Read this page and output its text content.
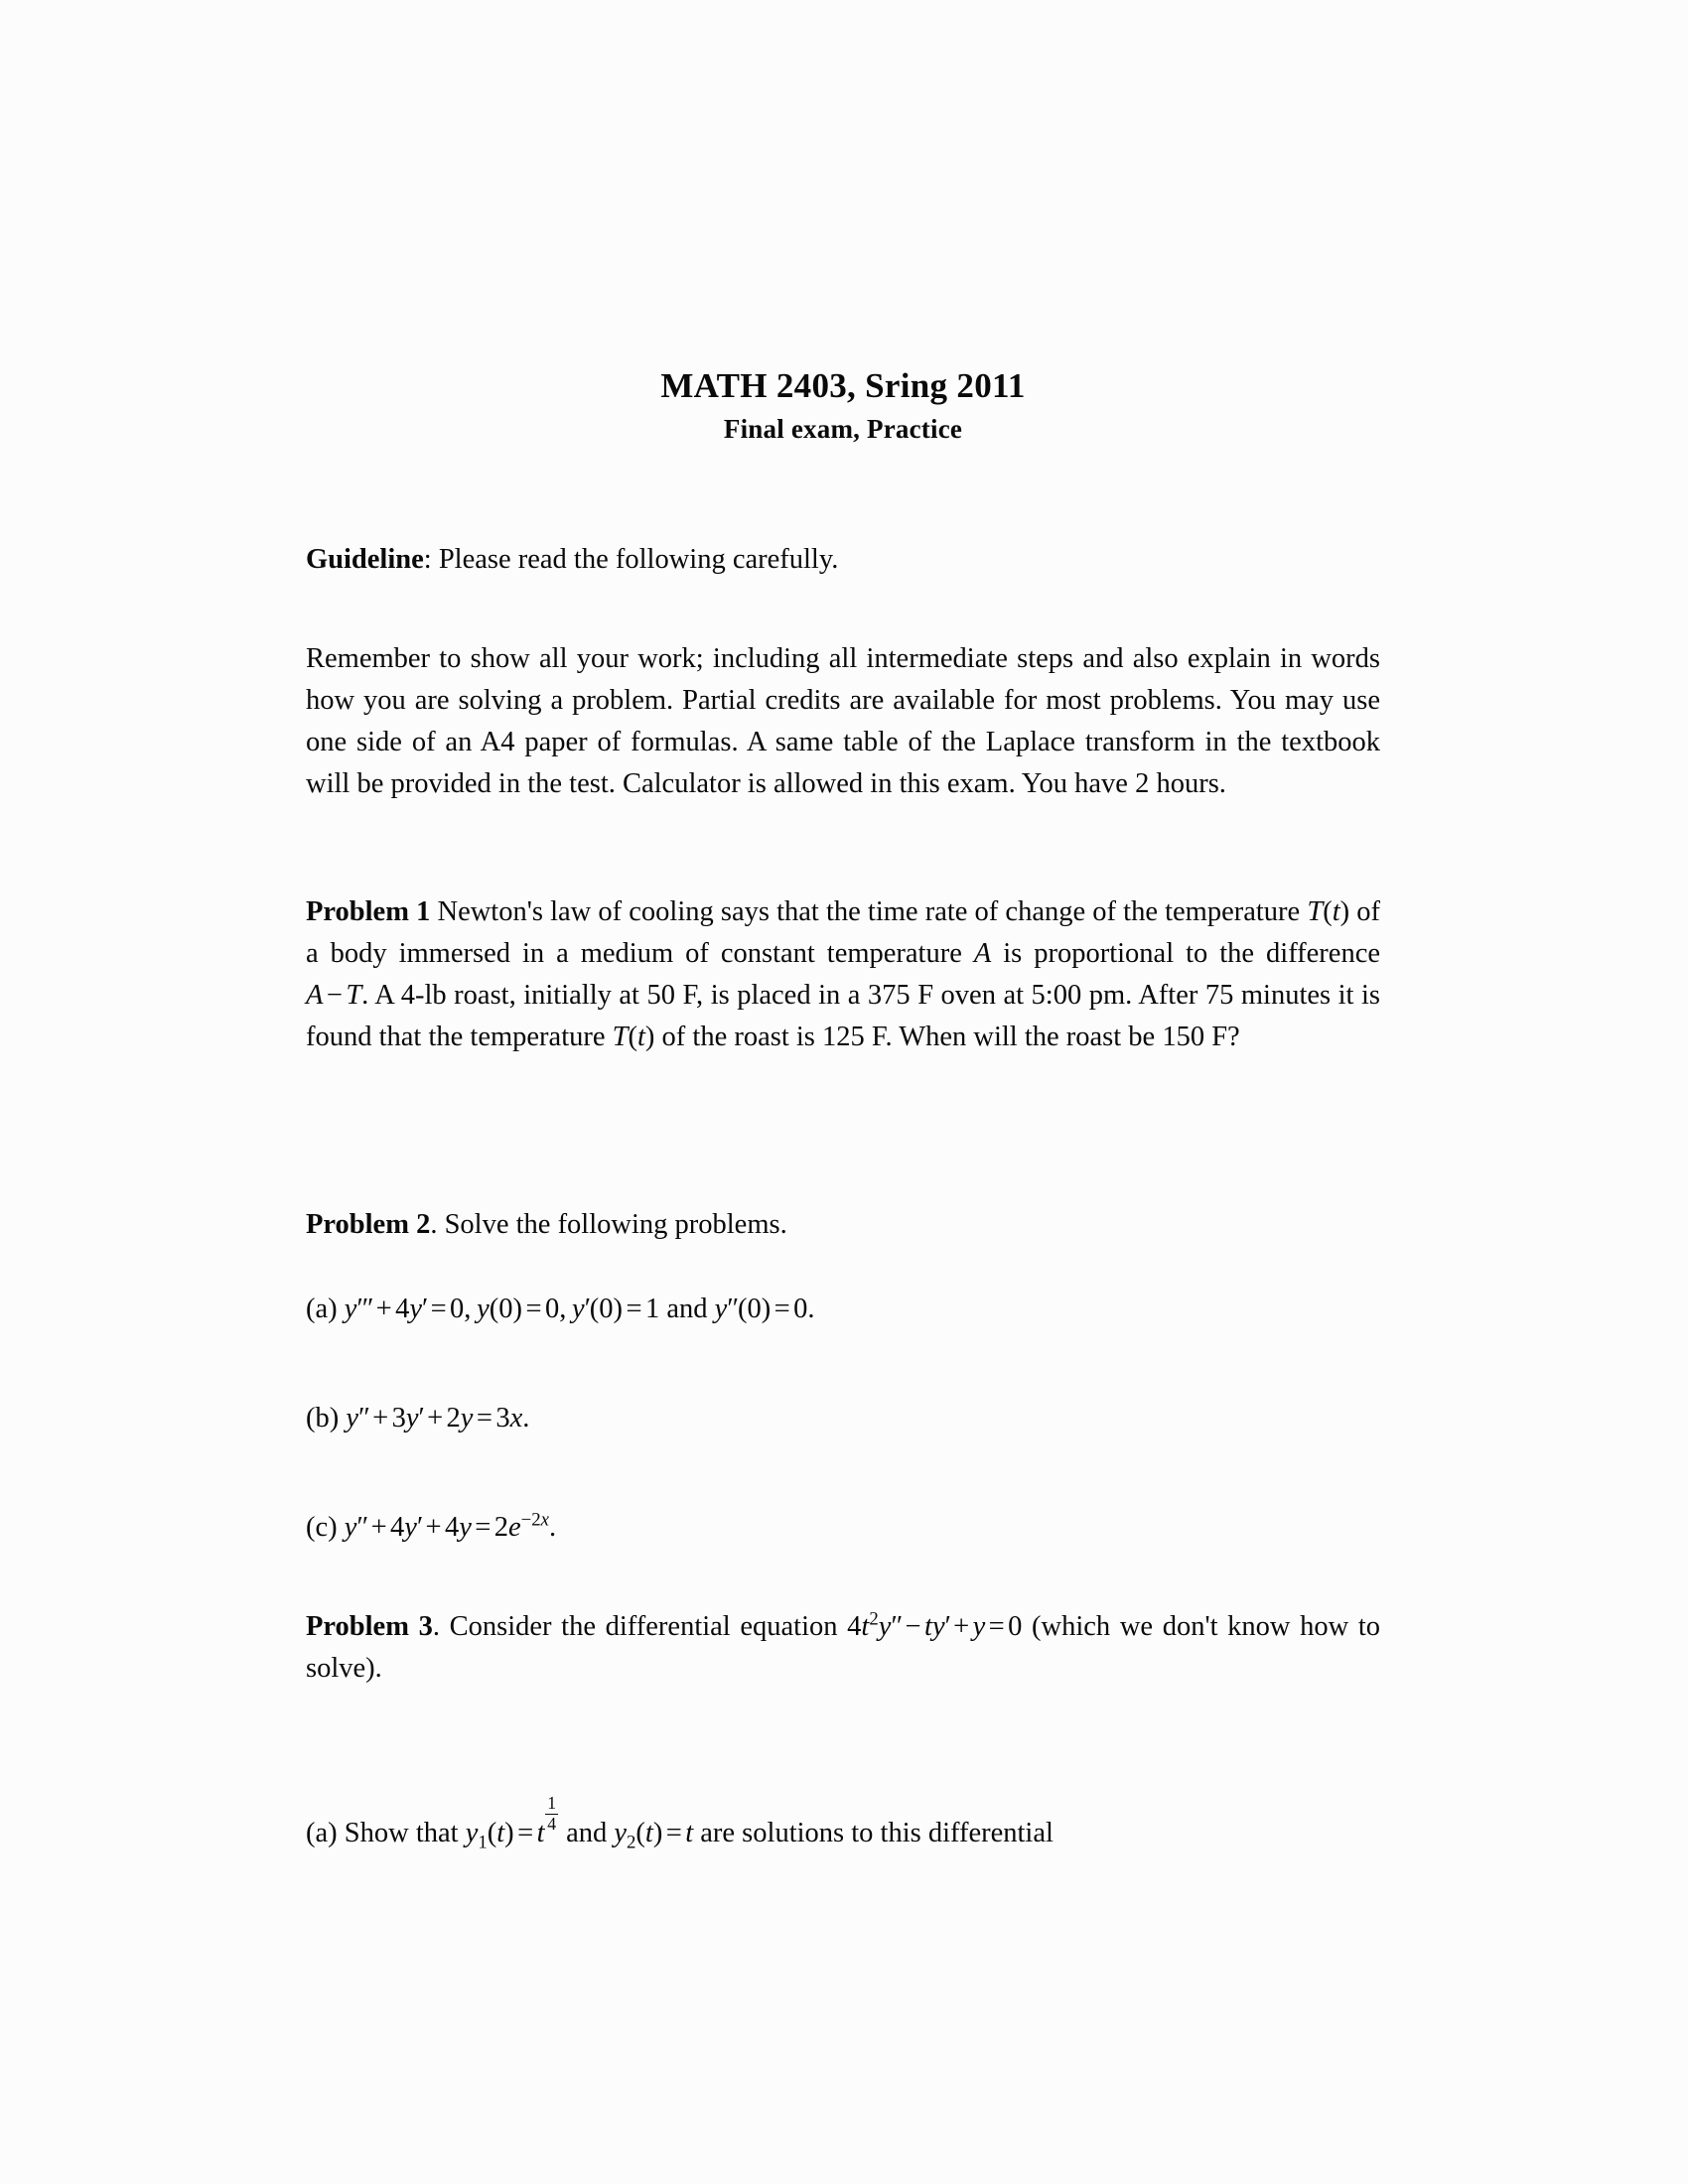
MATH 2403, Sring 2011
Final exam, Practice
Guideline: Please read the following carefully.
Remember to show all your work; including all intermediate steps and also explain in words how you are solving a problem. Partial credits are available for most problems. You may use one side of an A4 paper of formulas. A same table of the Laplace transform in the textbook will be provided in the test. Calculator is allowed in this exam. You have 2 hours.
Problem 1 Newton's law of cooling says that the time rate of change of the temperature T(t) of a body immersed in a medium of constant temperature A is proportional to the difference A − T. A 4-lb roast, initially at 50 F, is placed in a 375 F oven at 5:00 pm. After 75 minutes it is found that the temperature T(t) of the roast is 125 F. When will the roast be 150 F?
Problem 2. Solve the following problems.
(a) y″′ + 4y′ = 0, y(0) = 0, y′(0) = 1 and y″(0) = 0.
(b) y″ + 3y′ + 2y = 3x.
(c) $y'' + 4y' + 4y = 2e^{-2x}$.
Problem 3. Consider the differential equation $4t^2y'' - ty' + y = 0$ (which we don't know how to solve).
(a) Show that $y_1(t) = t$
$\frac{1}{4}$
and $y_2(t) = t$ are solutions to this differential
